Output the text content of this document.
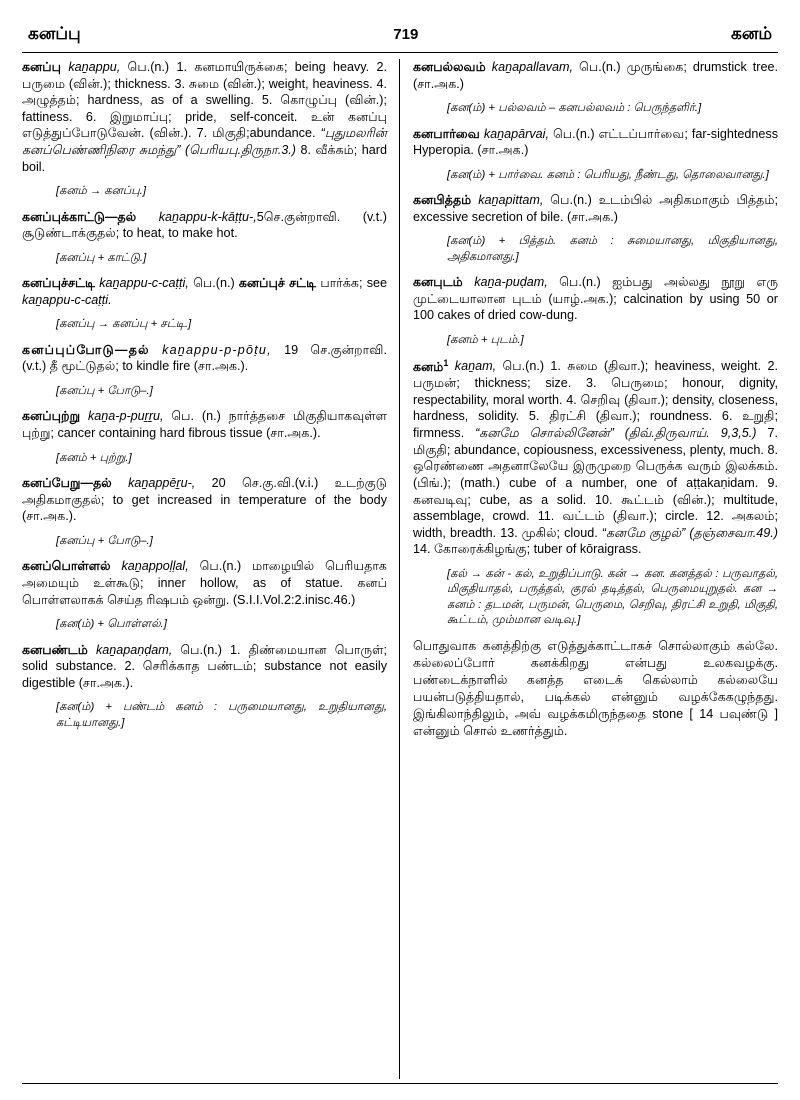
கனப்பு	719	கனம்
கனப்பு kaṉappu, பெ.(n.) 1. கனமாயிருக்கை; being heavy. 2. பருமை (வின்.); thickness. 3. சுமை (வின்.); weight, heaviness. 4. அழுத்தம்; hardness, as of a swelling. 5. கொழுப்பு (வின்.); fattiness. 6. இறுமாப்பு; pride, self-conceit. உன் கனப்பு எடுத்துப்போடுவேன். (வின்.). 7. மிகுதி;abundance. “புதுமலரின் கனப்பெண்ணிநிரை சுமந்து” (பெரியபு.திருநா.3.) 8. வீக்கம்; hard boil.
[கனம் → கனப்பு.]
கனப்புக்காட்டு—தல் kaṉappu-k-kāṭṭu-,5செ.குன்றாவி. (v.t.) சூடுண்டாக்குதல்; to heat, to make hot.
[கனப்பு + காட்டு.]
கனப்புச்சட்டி kaṉappu-c-caṭṭi, பெ.(n.) கனப்புச் சட்டி பார்க்க; see kaṉappu-c-caṭṭi.
[கனப்பு → கனப்பு + சட்டி.]
கனப்புப்போடு—தல் kaṉappu-p-pōṭu, 19 செ.குன்றாவி. (v.t.) தீ மூட்டுதல்; to kindle fire (சா.அக.).
[கனப்பு + போடு–.]
கனப்புற்று kaṉa-p-puṟṟu, பெ. (n.) நார்த்தசை மிகுதியாகவுள்ள புற்று; cancer containing hard fibrous tissue (சா.அக.).
[கனம் + புற்று.]
கனப்பேறு—தல் kaṉappēṟu-, 20 செ.கு.வி.(v.i.) உடற்குடு அதிகமாகுதல்; to get increased in temperature of the body (சா.அக.).
[கனப்பு + போடு–.]
கனப்பொள்ளல் kaṉappoḷḷal, பெ.(n.) மாழையில் பெரியதாக அமையும் உள்கூடு; inner hollow, as of statue. கனப் பொள்ளலாகக் செய்த ரிஷபம் ஒன்று. (S.I.I.Vol.2:2.inisc.46.)
[கன(ம்) + பொள்ளல்.]
கனபண்டம் kaṉapaṇḍam, பெ.(n.) 1. திண்மையான பொருள்; solid substance. 2. செரிக்காத பண்டம்; substance not easily digestible (சா.அக.).
[கன(ம்) + பண்டம் கனம் : பருமையானது, உறுதியானது, கட்டியானது.]
கனபல்லவம் kaṉapallavam, பெ.(n.) முருங்கை; drumstick tree. (சா.அக.)
[கன(ம்) + பல்லவம் – கனபல்லவம் : பெருந்தளிர்.]
கனபார்வை kaṉapārvai, பெ.(n.) எட்டப்பார்வை; far-sightedness Hyperopia. (சா.அக.)
[கன(ம்) + பார்வை. கனம் : பெரியது, நீண்டது, தொலைவானது.]
கனபித்தம் kaṉapittam, பெ.(n.) உடம்பில் அதிகமாகும் பித்தம்; excessive secretion of bile. (சா.அக.)
[கன(ம்) + பித்தம். கனம் : சுமையானது, மிகுதியானது, அதிகமானது.]
கனபுடம் kaṉa-puḍam, பெ.(n.) ஐம்பது அல்லது நூறு எரு முட்டையாலான புடம் (யாழ்.அக.); calcination by using 50 or 100 cakes of dried cow-dung.
[கனம் + புடம்.]
கனம்$^1$ kaṉam, பெ.(n.) 1. சுமை (திவா.); heaviness, weight. 2. பருமன்; thickness; size. 3. பெருமை; honour, dignity, respectability, moral worth. 4. செறிவு (திவா.); density, closeness, hardness, solidity. 5. திரட்சி (திவா.); roundness. 6. உறுதி; firmness. “கனமே சொல்லினேன்” (திவ்.திருவாய். 9,3,5.) 7. மிகுதி; abundance, copiousness, excessiveness, plenty, much. 8. ஒரெண்ணை அதனாலேயே இருமுறை பெருக்க வரும் இலக்கம். (பிங்.); (math.) cube of a number, one of aṭṭakaṇidam. 9. கனவடிவு; cube, as a solid. 10. கூட்டம் (வின்.); multitude, assemblage, crowd. 11. வட்டம் (திவா.); circle. 12. அகலம்; width, breadth. 13. முகில்; cloud. “கனமே குழல்” (தஞ்சைவா.49.) 14. கோரைக்கிழங்கு; tuber of kōraigrass.
[கல் → கன் - கல், உறுதிப்பாடு. கன் → கன. கனத்தல் : பருவாதல், மிகுதியாதல், பருத்தல், குரல் தடித்தல், பெருமையுறுதல். கன → கனம் : தடமன், பருமன், பெருமை, செறிவு, திரட்சி உறுதி, மிகுதி, கூட்டம், மும்மான வடிவு.]
பொதுவாக கனத்திற்கு எடுத்துக்காட்டாகச் சொல்லாகும் கல்லே. கல்லைப்போர் கனக்கிறது என்பது உலகவழக்கு. பண்டைக்நாளில் கனத்த எடைக் கெல்லாம் கல்லையே பயன்படுத்தியதால், படிக்கல் என்னும் வழக்கேகழுந்தது. இங்கிலாந்திலும், அவ் வழக்கமிருந்ததை stone [ 14 பவுண்டு ] என்னும் சொல் உணர்த்தும்.
